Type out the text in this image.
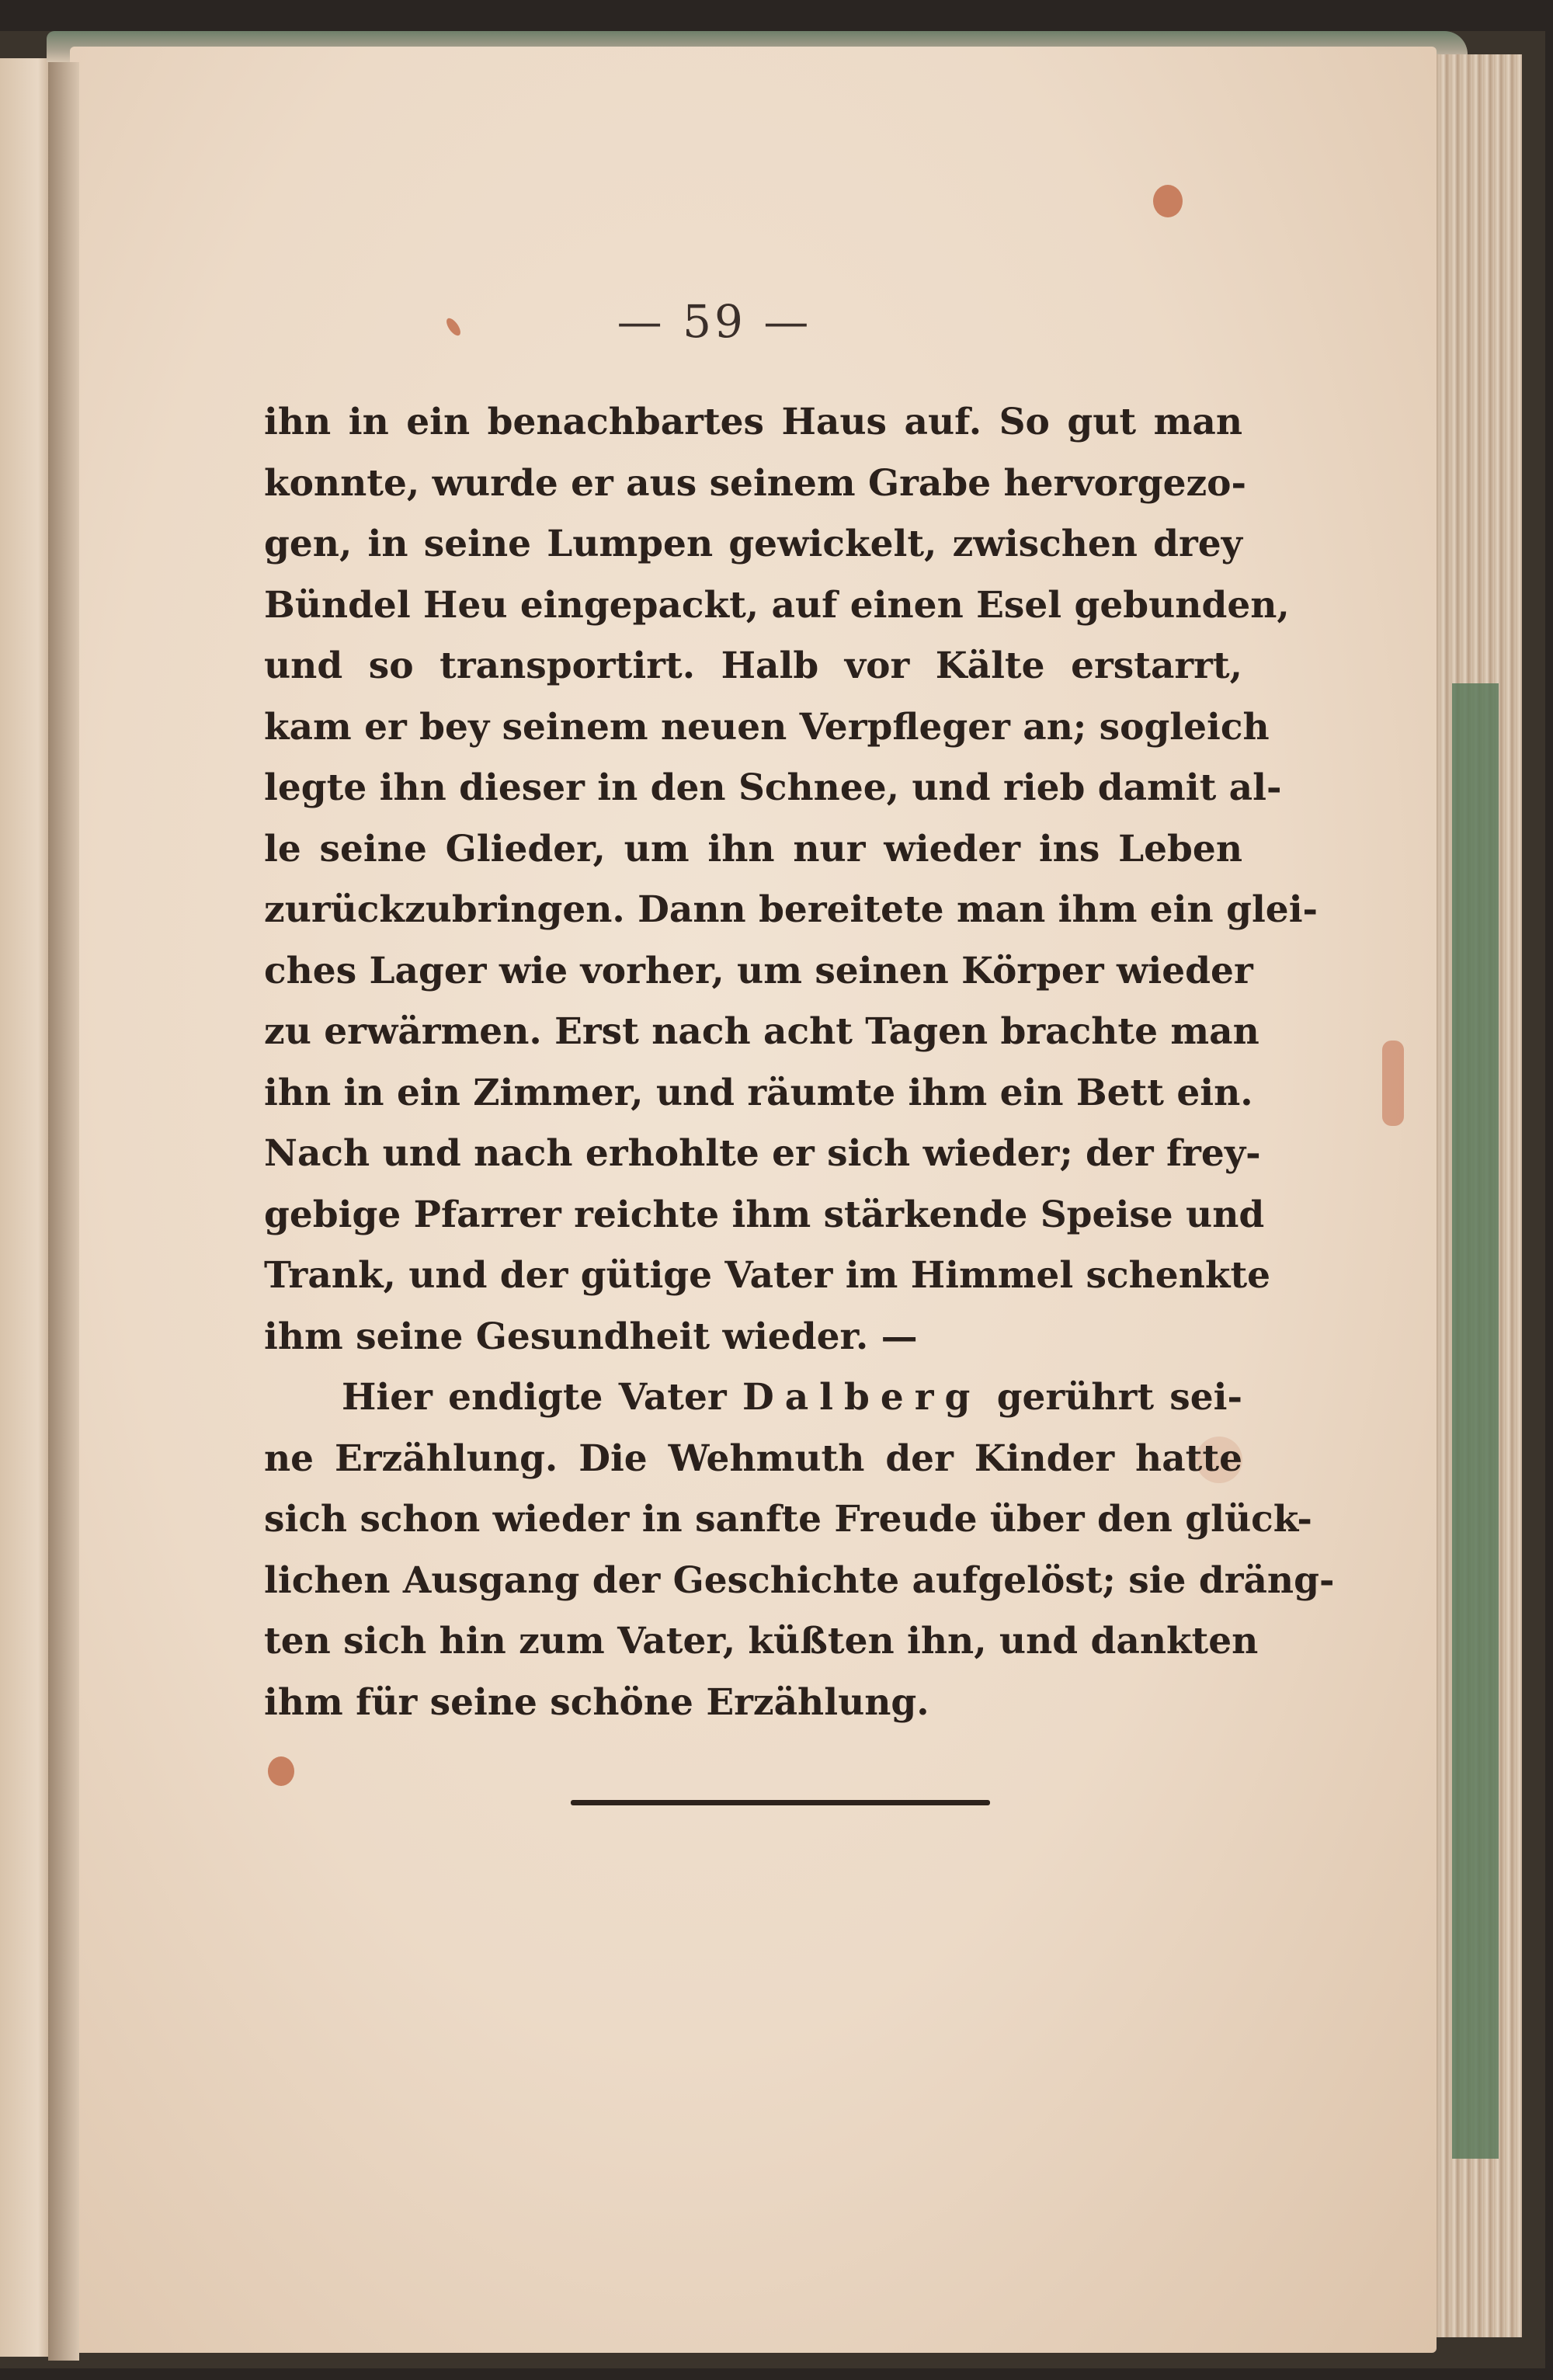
— 59 —
ihn in ein benachbartes Haus auf. So gut man
konnte, wurde er aus seinem Grabe hervorgezo-
gen, in seine Lumpen gewickelt, zwischen drey
Bündel Heu eingepackt, auf einen Esel gebunden,
und so transportirt. Halb vor Kälte erstarrt,
kam er bey seinem neuen Verpfleger an; sogleich
legte ihn dieser in den Schnee, und rieb damit al-
le seine Glieder, um ihn nur wieder ins Leben
zurückzubringen. Dann bereitete man ihm ein glei-
ches Lager wie vorher, um seinen Körper wieder
zu erwärmen. Erst nach acht Tagen brachte man
ihn in ein Zimmer, und räumte ihm ein Bett ein.
Nach und nach erhohlte er sich wieder; der frey-
gebige Pfarrer reichte ihm stärkende Speise und
Trank, und der gütige Vater im Himmel schenkte
ihm seine Gesundheit wieder. —
Hier endigte Vater Dalberg gerührt sei-
ne Erzählung. Die Wehmuth der Kinder hatte
sich schon wieder in sanfte Freude über den glück-
lichen Ausgang der Geschichte aufgelöst; sie dräng-
ten sich hin zum Vater, küßten ihn, und dankten
ihm für seine schöne Erzählung.
